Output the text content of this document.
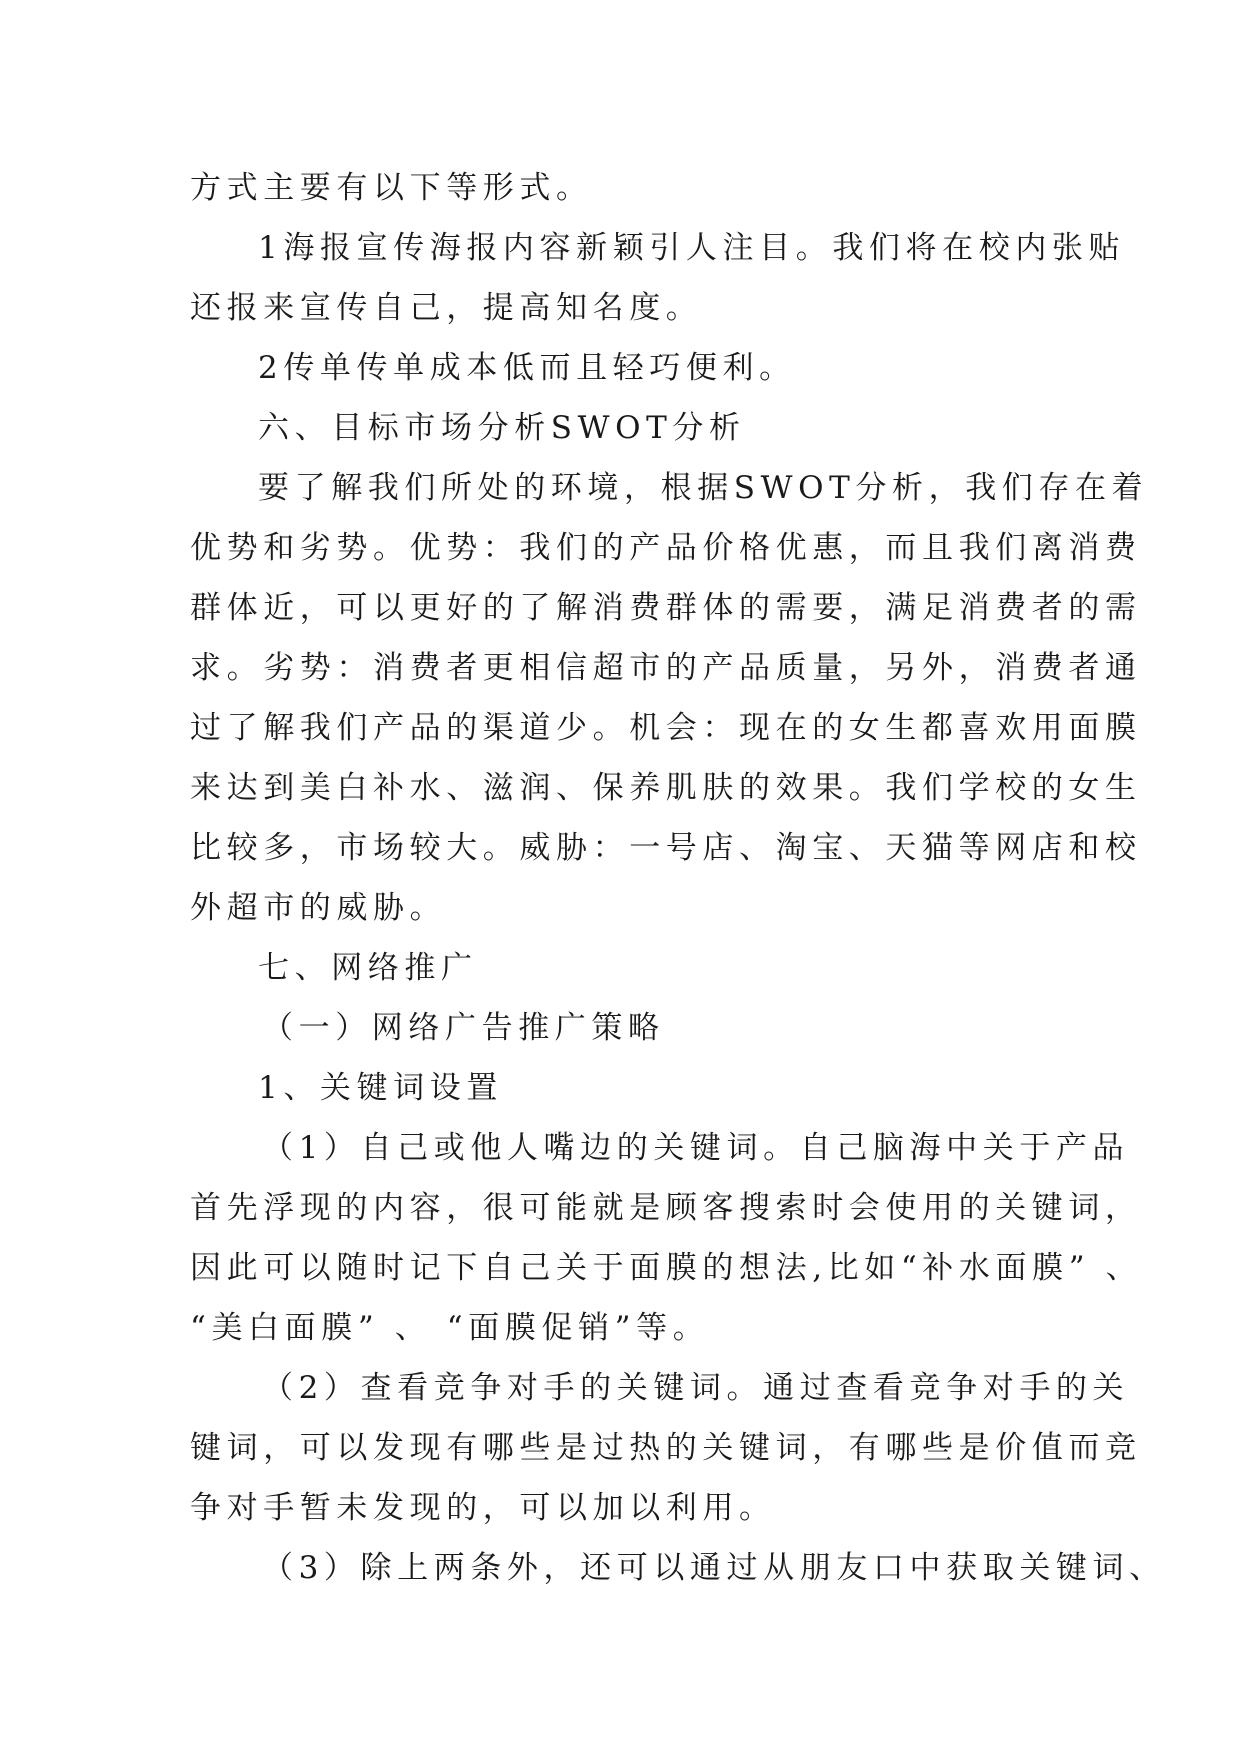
方式主要有以下等形式。
1海报宣传海报内容新颖引人注目。我们将在校内张贴
还报来宣传自己，提高知名度。
2传单传单成本低而且轻巧便利。
六、目标市场分析SWOT分析
要了解我们所处的环境，根据SWOT分析，我们存在着
优势和劣势。优势：我们的产品价格优惠，而且我们离消费
群体近，可以更好的了解消费群体的需要，满足消费者的需
求。劣势：消费者更相信超市的产品质量，另外，消费者通
过了解我们产品的渠道少。机会：现在的女生都喜欢用面膜
来达到美白补水、滋润、保养肌肤的效果。我们学校的女生
比较多，市场较大。威胁：一号店、淘宝、天猫等网店和校
外超市的威胁。
七、网络推广
（一）网络广告推广策略
1、关键词设置
（1）自己或他人嘴边的关键词。自己脑海中关于产品
首先浮现的内容，很可能就是顾客搜索时会使用的关键词，
因此可以随时记下自己关于面膜的想法,比如“补水面膜” 、
“美白面膜” 、 “面膜促销”等。
（2）查看竞争对手的关键词。通过查看竞争对手的关
键词，可以发现有哪些是过热的关键词，有哪些是价值而竞
争对手暂未发现的，可以加以利用。
（3）除上两条外，还可以通过从朋友口中获取关键词、
